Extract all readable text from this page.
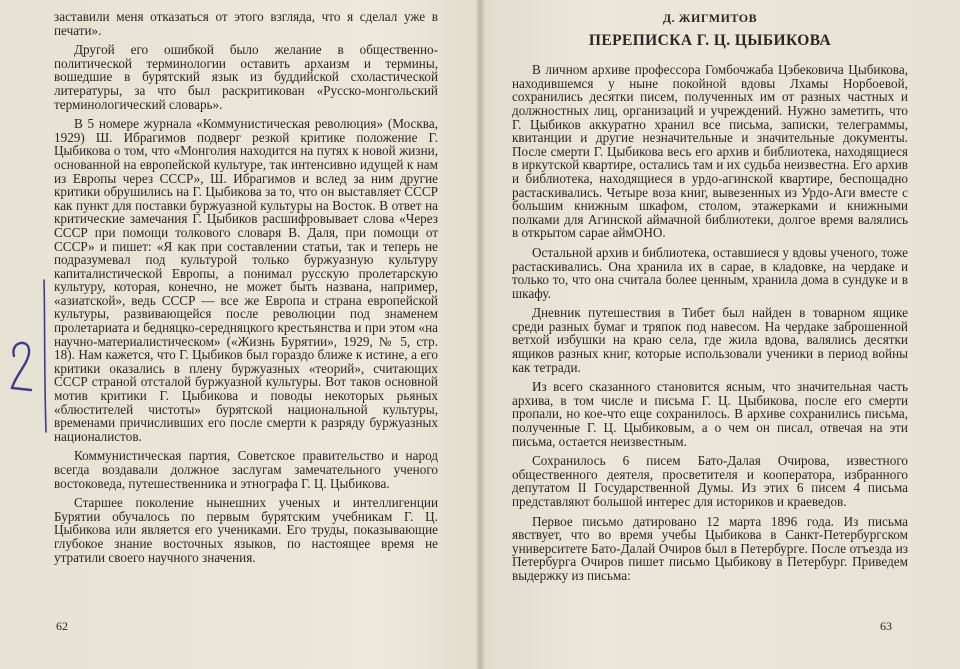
заставили меня отказаться от этого взгляда, что я сделал уже в печати».

Другой его ошибкой было желание в общественно-политической терминологии оставить архаизм и термины, вошедшие в бурятский язык из буддийской схоластической литературы, за что был раскритикован «Русско-монгольский терминологический словарь».

В 5 номере журнала «Коммунистическая революция» (Москва, 1929) Ш. Ибрагимов подверг резкой критике положение Г. Цыбикова о том, что «Монголия находится на путях к новой жизни, основанной на европейской культуре, так интенсивно идущей к нам из Европы через СССР», Ш. Ибрагимов и вслед за ним другие критики обрушились на Г. Цыбикова за то, что он выставляет СССР как пункт для поставки буржуазной культуры на Восток. В ответ на критические замечания Г. Цыбиков расшифровывает слова «Через СССР при помощи толкового словаря В. Даля, при помощи от СССР» и пишет: «Я как при составлении статьи, так и теперь не подразумевал под культурой только буржуазную культуру капиталистической Европы, а понимал русскую пролетарскую культуру, которая, конечно, не может быть названа, например, «азиатской», ведь СССР — все же Европа и страна европейской культуры, развивающейся после революции под знаменем пролетариата и бедняцко-середняцкого крестьянства и при этом «на научно-материалистическом» («Жизнь Бурятии», 1929, № 5, стр. 18). Нам кажется, что Г. Цыбиков был гораздо ближе к истине, а его критики оказались в плену буржуазных «теорий», считающих СССР страной отсталой буржуазной культуры. Вот таков основной мотив критики Г. Цыбикова и поводы некоторых рьяных «блюстителей чистоты» бурятской национальной культуры, временами причисливших его после смерти к разряду буржуазных националистов.

Коммунистическая партия, Советское правительство и народ всегда воздавали должное заслугам замечательного ученого востоковеда, путешественника и этнографа Г. Ц. Цыбикова.

Старшее поколение нынешних ученых и интеллигенции Бурятии обучалось по первым бурятским учебникам Г. Ц. Цыбикова или является его учениками. Его труды, показывающие глубокое знание восточных языков, по настоящее время не утратили своего научного значения.

62
Д. ЖИГМИТОВ
ПЕРЕПИСКА Г. Ц. ЦЫБИКОВА

В личном архиве профессора Гомбочжаба Цэбековича Цыбикова, находившемся у ныне покойной вдовы Лхамы Норбоевой, сохранились десятки писем, полученных им от разных частных и должностных лиц, организаций и учреждений. Нужно заметить, что Г. Цыбиков аккуратно хранил все письма, записки, телеграммы, квитанции и другие незначительные и значительные документы. После смерти Г. Цыбикова весь его архив и библиотека, находящиеся в иркутской квартире, остались там и их судьба неизвестна. Его архив и библиотека, находящиеся в урдо-агинской квартире, беспощадно растаскивались. Четыре воза книг, вывезенных из Урдо-Аги вместе с большим книжным шкафом, столом, этажерками и книжными полками для Агинской аймачной библиотеки, долгое время валялись в открытом сарае аймОНО.

Остальной архив и библиотека, оставшиеся у вдовы ученого, тоже растаскивались. Она хранила их в сарае, в кладовке, на чердаке и только то, что она считала более ценным, хранила дома в сундуке и в шкафу.

Дневник путешествия в Тибет был найден в товарном ящике среди разных бумаг и тряпок под навесом. На чердаке заброшенной ветхой избушки на краю села, где жила вдова, валялись десятки ящиков разных книг, которые использовали ученики в период войны как тетради.

Из всего сказанного становится ясным, что значительная часть архива, в том числе и письма Г. Ц. Цыбикова, после его смерти пропали, но кое-что еще сохранилось. В архиве сохранились письма, полученные Г. Ц. Цыбиковым, а о чем он писал, отвечая на эти письма, остается неизвестным.

Сохранилось 6 писем Бато-Далая Очирова, известного общественного деятеля, просветителя и кооператора, избранного депутатом II Государственной Думы. Из этих 6 писем 4 письма представляют большой интерес для историков и краеведов.

Первое письмо датировано 12 марта 1896 года. Из письма явствует, что во время учебы Цыбикова в Санкт-Петербургском университете Бато-Далай Очиров был в Петербурге. После отъезда из Петербурга Очиров пишет письмо Цыбикову в Петербург. Приведем выдержку из письма:

63
